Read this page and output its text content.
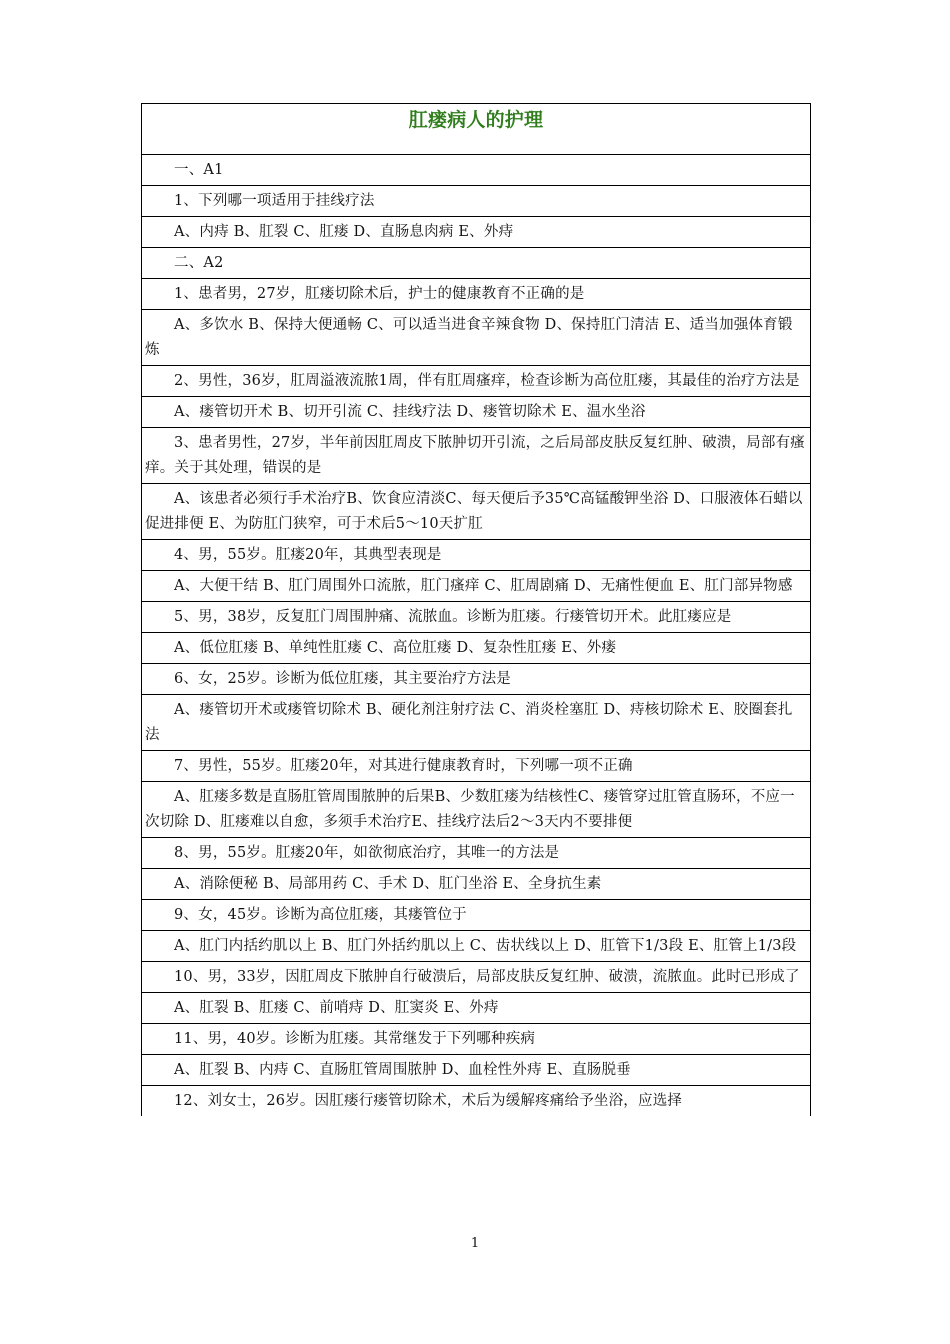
肛瘘病人的护理
一、A1
1、下列哪一项适用于挂线疗法
A、内痔 B、肛裂 C、肛瘘 D、直肠息肉病 E、外痔
二、A2
1、患者男，27岁，肛瘘切除术后，护士的健康教育不正确的是
A、多饮水 B、保持大便通畅 C、可以适当进食辛辣食物 D、保持肛门清洁 E、适当加强体育锻炼
2、男性，36岁，肛周溢液流脓1周，伴有肛周瘙痒，检查诊断为高位肛瘘，其最佳的治疗方法是
A、瘘管切开术 B、切开引流 C、挂线疗法 D、瘘管切除术 E、温水坐浴
3、患者男性，27岁，半年前因肛周皮下脓肿切开引流，之后局部皮肤反复红肿、破溃，局部有瘙痒。关于其处理，错误的是
A、该患者必须行手术治疗B、饮食应清淡C、每天便后予35℃高锰酸钾坐浴 D、口服液体石蜡以促进排便 E、为防肛门狭窄，可于术后5～10天扩肛
4、男，55岁。肛瘘20年，其典型表现是
A、大便干结 B、肛门周围外口流脓，肛门瘙痒 C、肛周剧痛 D、无痛性便血 E、肛门部异物感
5、男，38岁，反复肛门周围肿痛、流脓血。诊断为肛瘘。行瘘管切开术。此肛瘘应是
A、低位肛瘘 B、单纯性肛瘘 C、高位肛瘘 D、复杂性肛瘘 E、外瘘
6、女，25岁。诊断为低位肛瘘，其主要治疗方法是
A、瘘管切开术或瘘管切除术 B、硬化剂注射疗法 C、消炎栓塞肛 D、痔核切除术 E、胶圈套扎法
7、男性，55岁。肛瘘20年，对其进行健康教育时，下列哪一项不正确
A、肛瘘多数是直肠肛管周围脓肿的后果B、少数肛瘘为结核性C、瘘管穿过肛管直肠环，不应一次切除 D、肛瘘难以自愈，多须手术治疗E、挂线疗法后2～3天内不要排便
8、男，55岁。肛瘘20年，如欲彻底治疗，其唯一的方法是
A、消除便秘 B、局部用药 C、手术 D、肛门坐浴 E、全身抗生素
9、女，45岁。诊断为高位肛瘘，其瘘管位于
A、肛门内括约肌以上 B、肛门外括约肌以上 C、齿状线以上 D、肛管下1/3段 E、肛管上1/3段
10、男，33岁，因肛周皮下脓肿自行破溃后，局部皮肤反复红肿、破溃，流脓血。此时已形成了
A、肛裂 B、肛瘘 C、前哨痔 D、肛窦炎 E、外痔
11、男，40岁。诊断为肛瘘。其常继发于下列哪种疾病
A、肛裂 B、内痔 C、直肠肛管周围脓肿 D、血栓性外痔 E、直肠脱垂
12、刘女士，26岁。因肛瘘行瘘管切除术，术后为缓解疼痛给予坐浴，应选择
1
